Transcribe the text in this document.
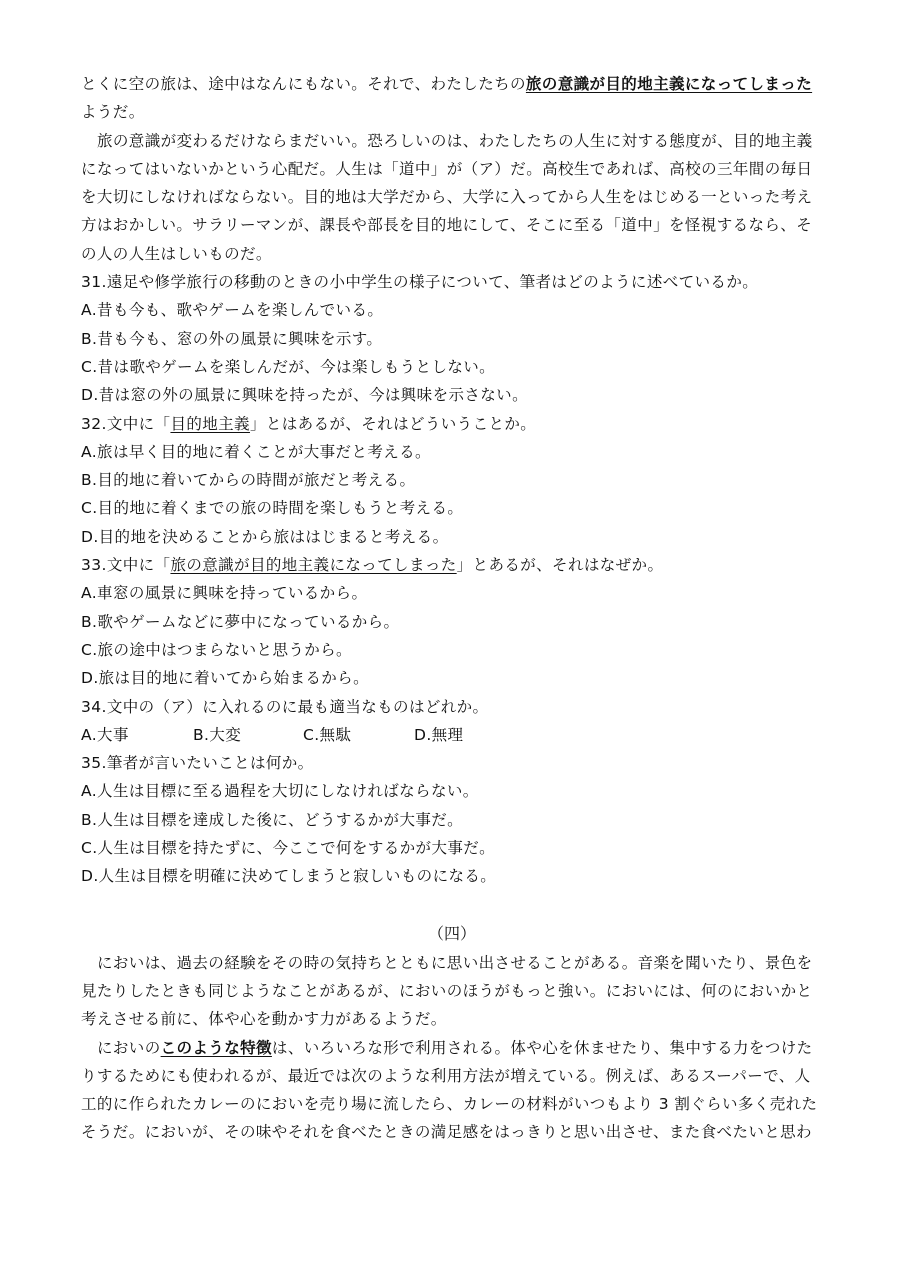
とくに空の旅は、途中はなんにもない。それで、わたしたちの旅の意識が目的地主義になってしまった
ようだ。
旅の意識が変わるだけならまだいい。恐ろしいのは、わたしたちの人生に対する態度が、目的地主義
になってはいないかという心配だ。人生は「道中」が（ア）だ。高校生であれば、高校の三年間の毎日
を大切にしなければならない。目的地は大学だから、大学に入ってから人生をはじめる一といった考え
方はおかしい。サラリーマンが、課長や部長を目的地にして、そこに至る「道中」を怪視するなら、そ
の人の人生はしいものだ。
31.遠足や修学旅行の移動のときの小中学生の様子について、筆者はどのように述べているか。
A.昔も今も、歌やゲームを楽しんでいる。
B.昔も今も、窓の外の風景に興味を示す。
C.昔は歌やゲームを楽しんだが、今は楽しもうとしない。
D.昔は窓の外の風景に興味を持ったが、今は興味を示さない。
32.文中に「目的地主義」とはあるが、それはどういうことか。
A.旅は早く目的地に着くことが大事だと考える。
B.目的地に着いてからの時間が旅だと考える。
C.目的地に着くまでの旅の時間を楽しもうと考える。
D.目的地を決めることから旅ははじまると考える。
33.文中に「旅の意識が目的地主義になってしまった」とあるが、それはなぜか。
A.車窓の風景に興味を持っているから。
B.歌やゲームなどに夢中になっているから。
C.旅の途中はつまらないと思うから。
D.旅は目的地に着いてから始まるから。
34.文中の（ア）に入れるのに最も適当なものはどれか。
A.大事	B.大変	C.無駄	D.無理
35.筆者が言いたいことは何か。
A.人生は目標に至る過程を大切にしなければならない。
B.人生は目標を達成した後に、どうするかが大事だ。
C.人生は目標を持たずに、今ここで何をするかが大事だ。
D.人生は目標を明確に決めてしまうと寂しいものになる。
（四）
においは、過去の経験をその時の気持ちとともに思い出させることがある。音楽を聞いたり、景色を
見たりしたときも同じようなことがあるが、においのほうがもっと強い。においには、何のにおいかと
考えさせる前に、体や心を動かす力があるようだ。
においのこのような特徴は、いろいろな形で利用される。体や心を休ませたり、集中する力をつけた
りするためにも使われるが、最近では次のような利用方法が増えている。例えば、あるスーパーで、人
工的に作られたカレーのにおいを売り場に流したら、カレーの材料がいつもより 3 割ぐらい多く売れた
そうだ。においが、その味やそれを食べたときの満足感をはっきりと思い出させ、また食べたいと思わ
